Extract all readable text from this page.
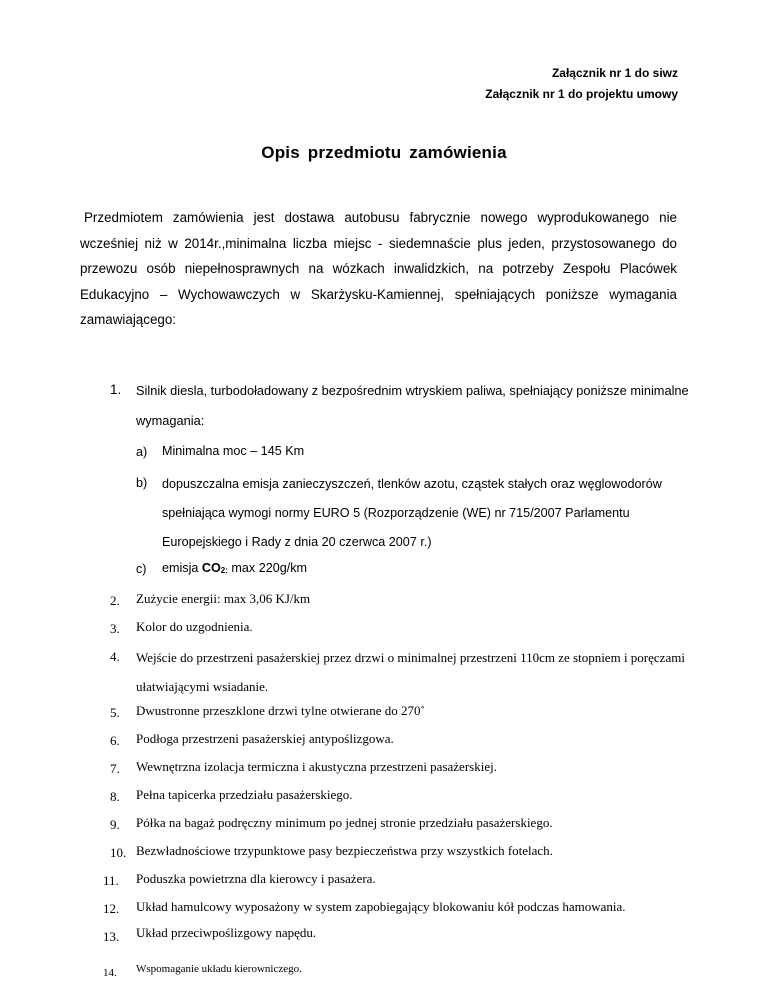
Załącznik nr 1 do siwz
Załącznik nr 1 do projektu umowy
Opis przedmiotu zamówienia
Przedmiotem zamówienia jest dostawa autobusu fabrycznie nowego wyprodukowanego nie wcześniej niż w 2014r.,minimalna liczba miejsc - siedemnaście plus jeden, przystosowanego do przewozu osób niepełnosprawnych na wózkach inwalidzkich, na potrzeby Zespołu Placówek Edukacyjno – Wychowawczych w Skarżysku-Kamiennej, spełniających poniższe wymagania zamawiającego:
1. Silnik diesla, turbodoładowany z bezpośrednim wtryskiem paliwa, spełniający poniższe minimalne wymagania:
a) Minimalna moc – 145 Km
b) dopuszczalna emisja zanieczyszczeń, tlenków azotu, cząstek stałych oraz węglowodorów spełniająca wymogi normy EURO 5 (Rozporządzenie (WE) nr 715/2007 Parlamentu Europejskiego i Rady z dnia 20 czerwca 2007 r.)
c) emisja CO2: max 220g/km
2. Zużycie energii: max 3,06 KJ/km
3. Kolor do uzgodnienia.
4. Wejście do przestrzeni pasażerskiej przez drzwi o minimalnej przestrzeni 110cm ze stopniem i poręczami ułatwiającymi wsiadanie.
5. Dwustronne przeszklone drzwi tylne otwierane do 270˚
6. Podłoga przestrzeni pasażerskiej antypoślizgowa.
7. Wewnętrzna izolacja termiczna i akustyczna przestrzeni pasażerskiej.
8. Pełna tapicerka przedziału pasażerskiego.
9. Półka na bagaż podręczny minimum po jednej stronie przedziału pasażerskiego.
10. Bezwładnościowe trzypunktowe pasy bezpieczeństwa przy wszystkich fotelach.
11. Poduszka powietrzna dla kierowcy i pasażera.
12. Układ hamulcowy wyposażony w system zapobiegający blokowaniu kół podczas hamowania.
13. Układ przeciwpoślizgowy napędu.
14. Wspomaganie układu kierowniczego.
